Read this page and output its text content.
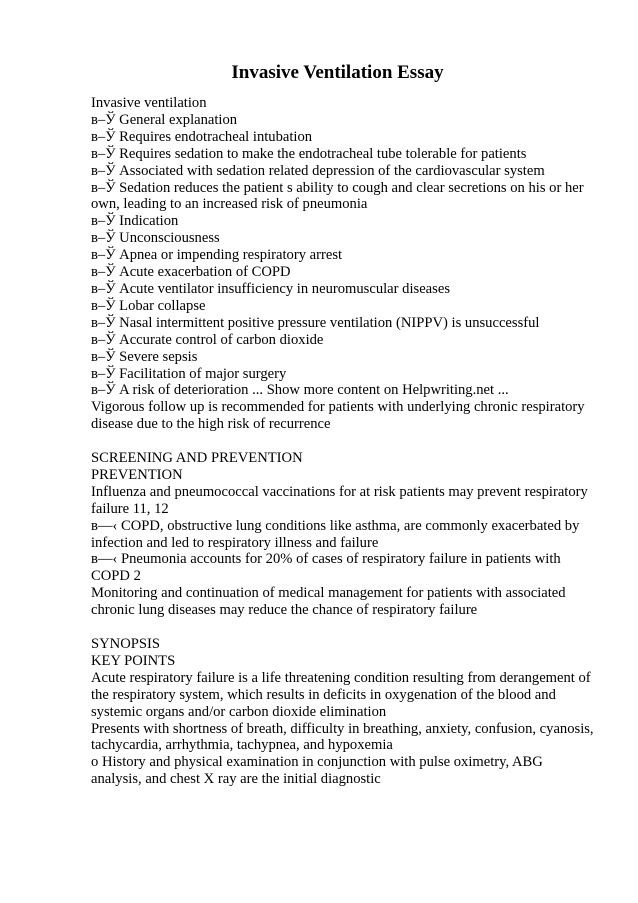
Invasive Ventilation Essay
Invasive ventilation
в–Ў General explanation
в–Ў Requires endotracheal intubation
в–Ў Requires sedation to make the endotracheal tube tolerable for patients
в–Ў Associated with sedation related depression of the cardiovascular system
в–Ў Sedation reduces the patient s ability to cough and clear secretions on his or her
own, leading to an increased risk of pneumonia
в–Ў Indication
в–Ў Unconsciousness
в–Ў Apnea or impending respiratory arrest
в–Ў Acute exacerbation of COPD
в–Ў Acute ventilator insufficiency in neuromuscular diseases
в–Ў Lobar collapse
в–Ў Nasal intermittent positive pressure ventilation (NIPPV) is unsuccessful
в–Ў Accurate control of carbon dioxide
в–Ў Severe sepsis
в–Ў Facilitation of major surgery
в–Ў A risk of deterioration ... Show more content on Helpwriting.net ...
Vigorous follow up is recommended for patients with underlying chronic respiratory
disease due to the high risk of recurrence
SCREENING AND PREVENTION
PREVENTION
Influenza and pneumococcal vaccinations for at risk patients may prevent respiratory
failure 11, 12
в—‹ COPD, obstructive lung conditions like asthma, are commonly exacerbated by
infection and led to respiratory illness and failure
в—‹ Pneumonia accounts for 20% of cases of respiratory failure in patients with
COPD 2
Monitoring and continuation of medical management for patients with associated
chronic lung diseases may reduce the chance of respiratory failure
SYNOPSIS
KEY POINTS
Acute respiratory failure is a life threatening condition resulting from derangement of
the respiratory system, which results in deficits in oxygenation of the blood and
systemic organs and/or carbon dioxide elimination
Presents with shortness of breath, difficulty in breathing, anxiety, confusion, cyanosis,
tachycardia, arrhythmia, tachypnea, and hypoxemia
o History and physical examination in conjunction with pulse oximetry, ABG
analysis, and chest X ray are the initial diagnostic
